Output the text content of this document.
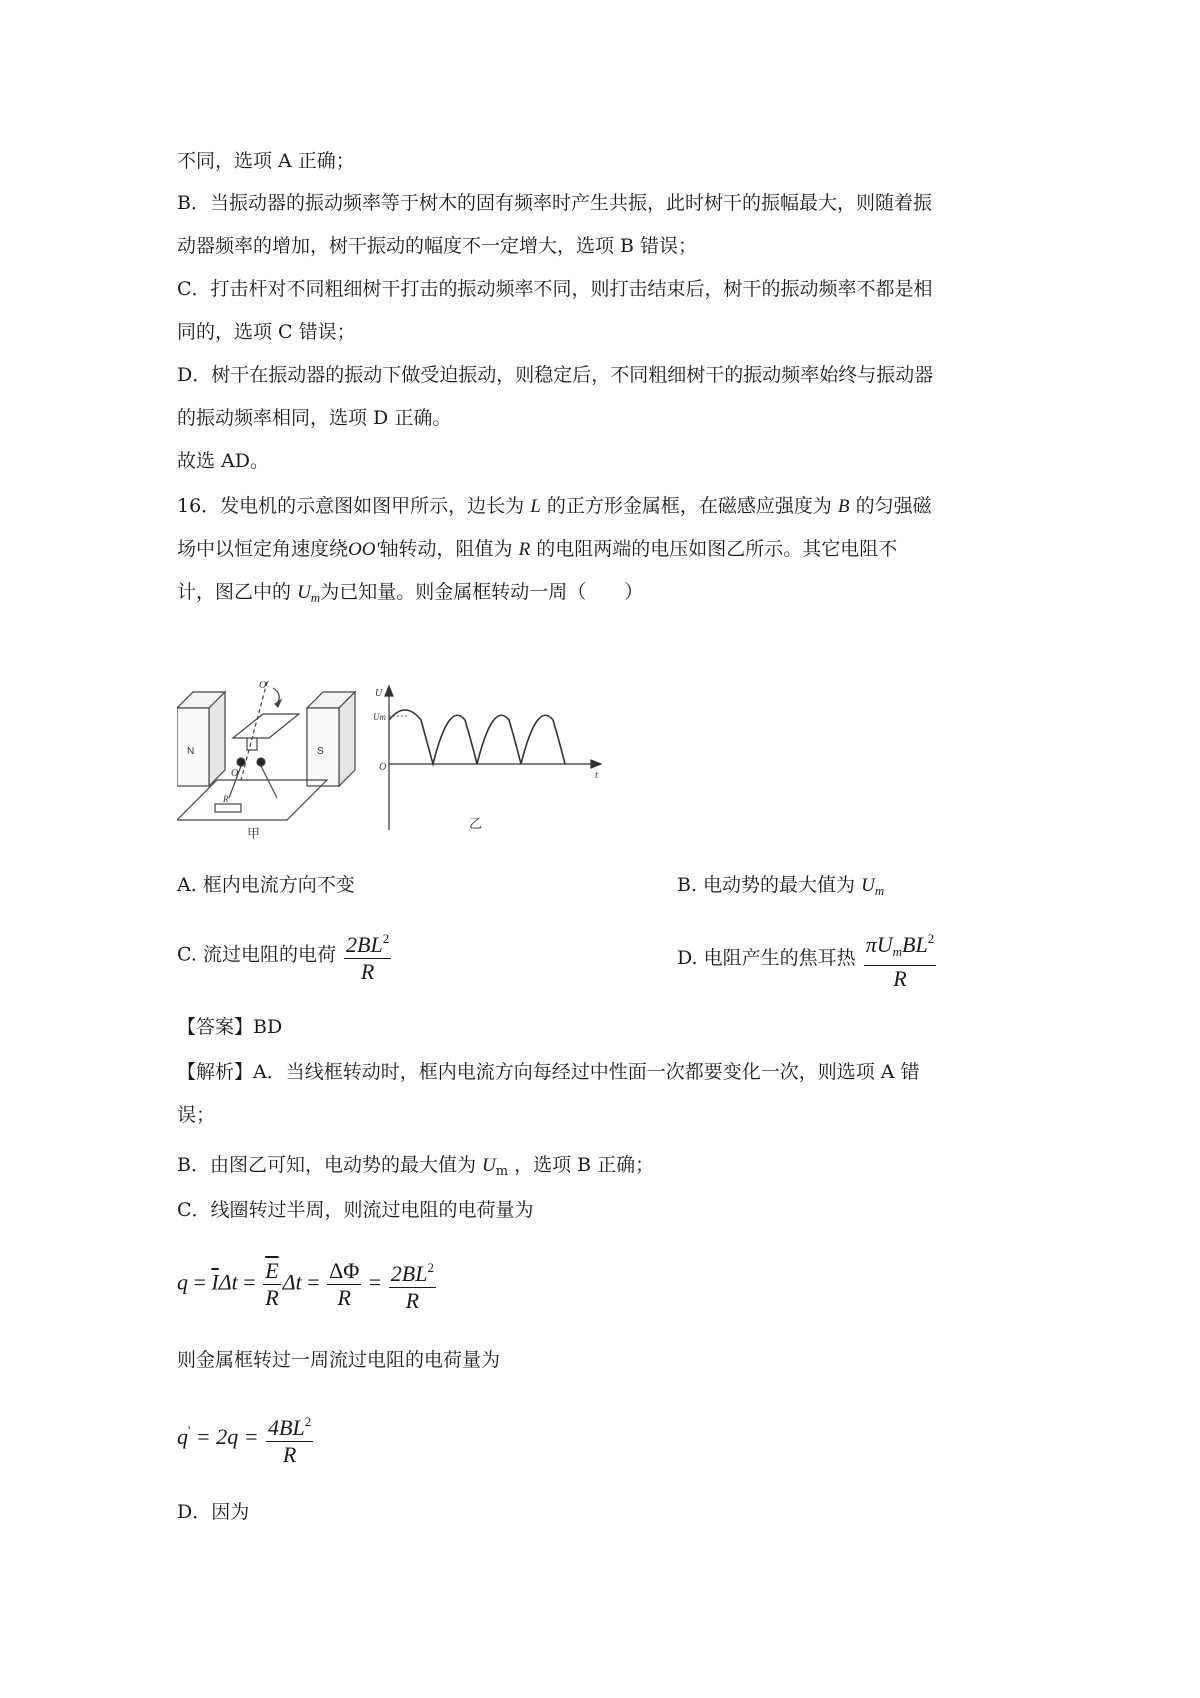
不同，选项 A 正确；
B．当振动器的振动频率等于树木的固有频率时产生共振，此时树干的振幅最大，则随着振
动器频率的增加，树干振动的幅度不一定增大，选项 B 错误；
C．打击杆对不同粗细树干打击的振动频率不同，则打击结束后，树干的振动频率不都是相
同的，选项 C 错误；
D．树干在振动器的振动下做受迫振动，则稳定后，不同粗细树干的振动频率始终与振动器
的振动频率相同，选项 D 正确。
故选 AD。
16．发电机的示意图如图甲所示，边长为 L 的正方形金属框，在磁感应强度为 B 的匀强磁
场中以恒定角速度绕OO'轴转动，阻值为 R 的电阻两端的电压如图乙所示。其它电阻不
计，图乙中的 $U_m$为已知量。则金属框转动一周（　　）
N	S
O'
O
R
甲
U
Um
O
t
乙
A. 框内电流方向不变	B. 电动势的最大值为 $U_m$
C. 流过电阻的电荷 $\frac{2BL^2}{R}$	D. 电阻产生的焦耳热 $\frac{\pi U_mBL^2}{R}$
【答案】BD
【解析】A．当线框转动时，框内电流方向每经过中性面一次都要变化一次，则选项 A 错
误；
B．由图乙可知，电动势的最大值为 $U_m$ ，选项 B 正确；
C．线圈转过半周，则流过电阻的电荷量为
$q = \overline{I}\Delta t = \frac{\overline{E}}{R}$ $\Delta t = \frac{\Delta\Phi}{R} = \frac{2BL^2}{R}$
则金属框转过一周流过电阻的电荷量为
$q' = 2q = \frac{4BL^2}{R}$
D．因为
